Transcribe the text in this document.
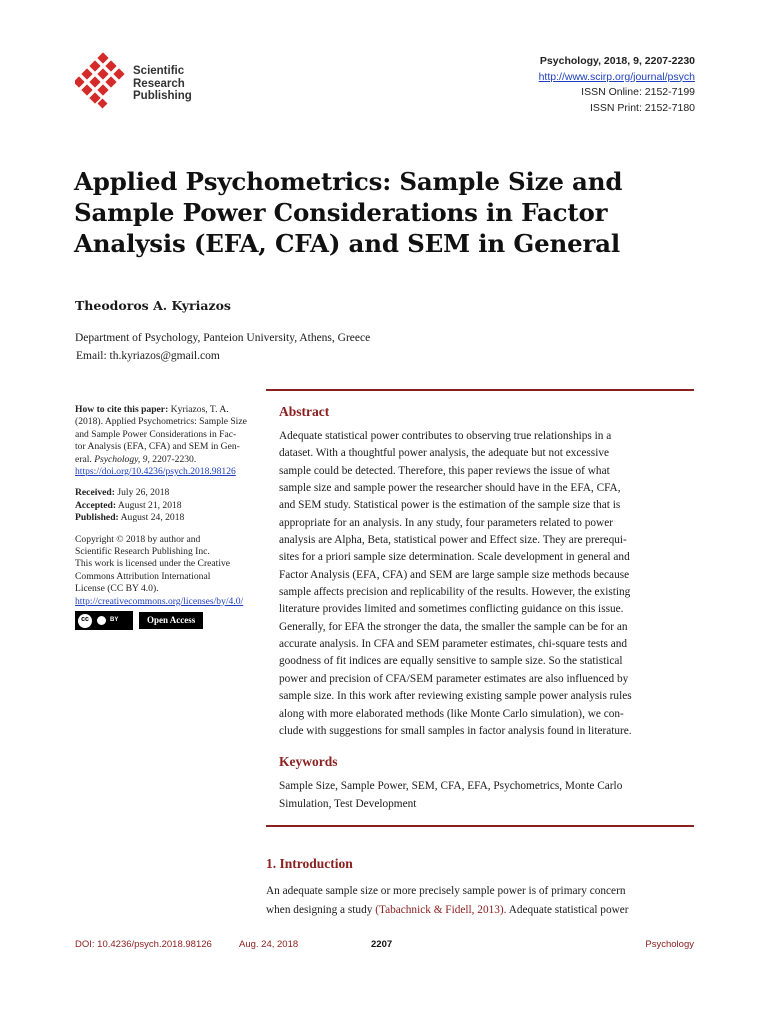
Scientific
Research
Publishing
Psychology, 2018, 9, 2207-2230
http://www.scirp.org/journal/psych
ISSN Online: 2152-7199
ISSN Print: 2152-7180
Applied Psychometrics: Sample Size and
Sample Power Considerations in Factor
Analysis (EFA, CFA) and SEM in General
Theodoros A. Kyriazos
Department of Psychology, Panteion University, Athens, Greece
Email: th.kyriazos@gmail.com
How to cite this paper: Kyriazos, T. A.
(2018). Applied Psychometrics: Sample Size
and Sample Power Considerations in Fac-
tor Analysis (EFA, CFA) and SEM in Gen-
eral. Psychology, 9, 2207-2230.
https://doi.org/10.4236/psych.2018.98126
Received: July 26, 2018
Accepted: August 21, 2018
Published: August 24, 2018
Copyright © 2018 by author and
Scientific Research Publishing Inc.
This work is licensed under the Creative
Commons Attribution International
License (CC BY 4.0).
http://creativecommons.org/licenses/by/4.0/
cc	BY	Open Access
Abstract
Adequate statistical power contributes to observing true relationships in a
dataset. With a thoughtful power analysis, the adequate but not excessive
sample could be detected. Therefore, this paper reviews the issue of what
sample size and sample power the researcher should have in the EFA, CFA,
and SEM study. Statistical power is the estimation of the sample size that is
appropriate for an analysis. In any study, four parameters related to power
analysis are Alpha, Beta, statistical power and Effect size. They are prerequi-
sites for a priori sample size determination. Scale development in general and
Factor Analysis (EFA, CFA) and SEM are large sample size methods because
sample affects precision and replicability of the results. However, the existing
literature provides limited and sometimes conflicting guidance on this issue.
Generally, for EFA the stronger the data, the smaller the sample can be for an
accurate analysis. In CFA and SEM parameter estimates, chi-square tests and
goodness of fit indices are equally sensitive to sample size. So the statistical
power and precision of CFA/SEM parameter estimates are also influenced by
sample size. In this work after reviewing existing sample power analysis rules
along with more elaborated methods (like Monte Carlo simulation), we con-
clude with suggestions for small samples in factor analysis found in literature.
Keywords
Sample Size, Sample Power, SEM, CFA, EFA, Psychometrics, Monte Carlo
Simulation, Test Development
1. Introduction
An adequate sample size or more precisely sample power is of primary concern
when designing a study (Tabachnick & Fidell, 2013). Adequate statistical power
DOI: 10.4236/psych.2018.98126	Aug. 24, 2018	2207	Psychology
